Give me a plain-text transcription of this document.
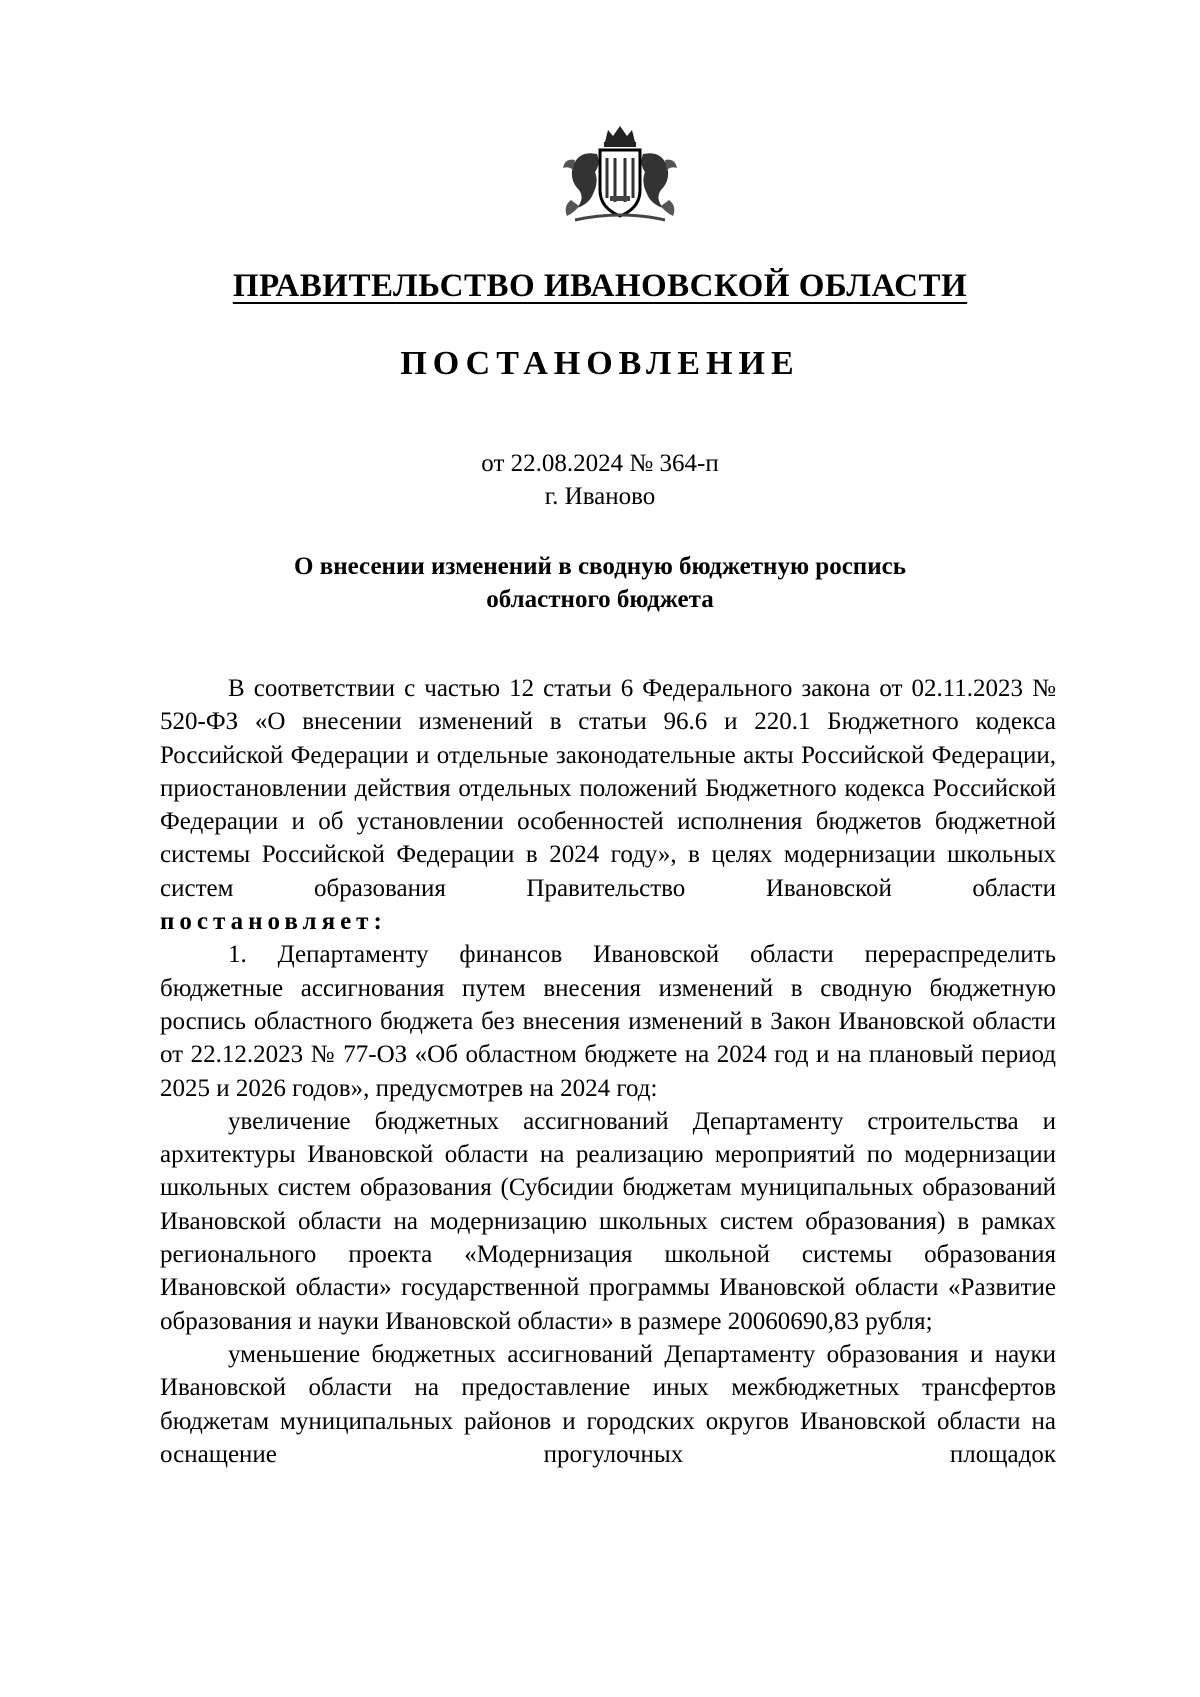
ПРАВИТЕЛЬСТВО ИВАНОВСКОЙ ОБЛАСТИ
ПОСТАНОВЛЕНИЕ
от 22.08.2024 № 364-п
г. Иваново
О внесении изменений в сводную бюджетную роспись
областного бюджета

В соответствии с частью 12 статьи 6 Федерального закона от 02.11.2023 № 520-ФЗ «О внесении изменений в статьи 96.6 и 220.1 Бюджетного кодекса Российской Федерации и отдельные законодательные акты Российской Федерации, приостановлении действия отдельных положений Бюджетного кодекса Российской Федерации и об установлении особенностей исполнения бюджетов бюджетной системы Российской Федерации в 2024 году», в целях модернизации школьных систем образования Правительство Ивановской области

постановляет:

1. Департаменту финансов Ивановской области перераспределить бюджетные ассигнования путем внесения изменений в сводную бюджетную роспись областного бюджета без внесения изменений в Закон Ивановской области от 22.12.2023 № 77-ОЗ «Об областном бюджете на 2024 год и на плановый период 2025 и 2026 годов», предусмотрев на 2024 год:

увеличение бюджетных ассигнований Департаменту строительства и архитектуры Ивановской области на реализацию мероприятий по модернизации школьных систем образования (Субсидии бюджетам муниципальных образований Ивановской области на модернизацию школьных систем образования) в рамках регионального проекта «Модернизация школьной системы образования Ивановской области» государственной программы Ивановской области «Развитие образования и науки Ивановской области» в размере 20060690,83 рубля;

уменьшение бюджетных ассигнований Департаменту образования и науки Ивановской области на предоставление иных межбюджетных трансфертов бюджетам муниципальных районов и городских округов Ивановской области на оснащение прогулочных площадок
